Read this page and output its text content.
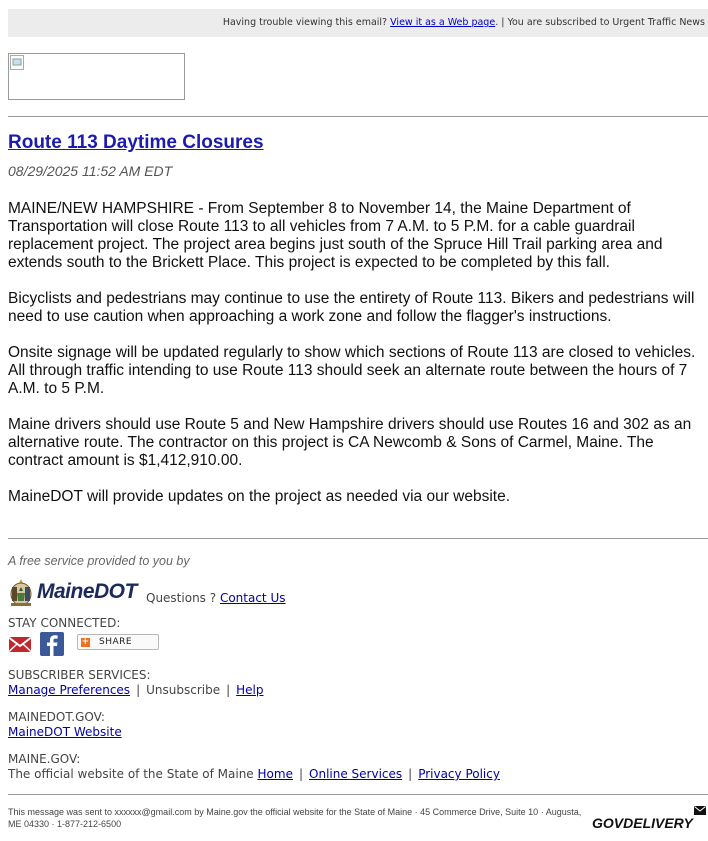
Having trouble viewing this email? View it as a Web page. | You are subscribed to Urgent Traffic News
Route 113 Daytime Closures
08/29/2025 11:52 AM EDT
MAINE/NEW HAMPSHIRE - From September 8 to November 14, the Maine Department of Transportation will close Route 113 to all vehicles from 7 A.M. to 5 P.M. for a cable guardrail replacement project. The project area begins just south of the Spruce Hill Trail parking area and extends south to the Brickett Place. This project is expected to be completed by this fall.
Bicyclists and pedestrians may continue to use the entirety of Route 113. Bikers and pedestrians will need to use caution when approaching a work zone and follow the flagger's instructions.
Onsite signage will be updated regularly to show which sections of Route 113 are closed to vehicles. All through traffic intending to use Route 113 should seek an alternate route between the hours of 7 A.M. to 5 P.M.
Maine drivers should use Route 5 and New Hampshire drivers should use Routes 16 and 302 as an alternative route. The contractor on this project is CA Newcomb & Sons of Carmel, Maine. The contract amount is $1,412,910.00.
MaineDOT will provide updates on the project as needed via our website.
A free service provided to you by
MaineDOT Questions ? Contact Us
STAY CONNECTED:
+ SHARE
SUBSCRIBER SERVICES:
Manage Preferences | Unsubscribe | Help
MAINEDOT.GOV:
MaineDOT Website
MAINE.GOV:
The official website of the State of Maine Home | Online Services | Privacy Policy
This message was sent to xxxxxx@gmail.com by Maine.gov the official website for the State of Maine · 45 Commerce Drive, Suite 10 · Augusta, ME 04330 · 1-877-212-6500	GOVDELIVERY
